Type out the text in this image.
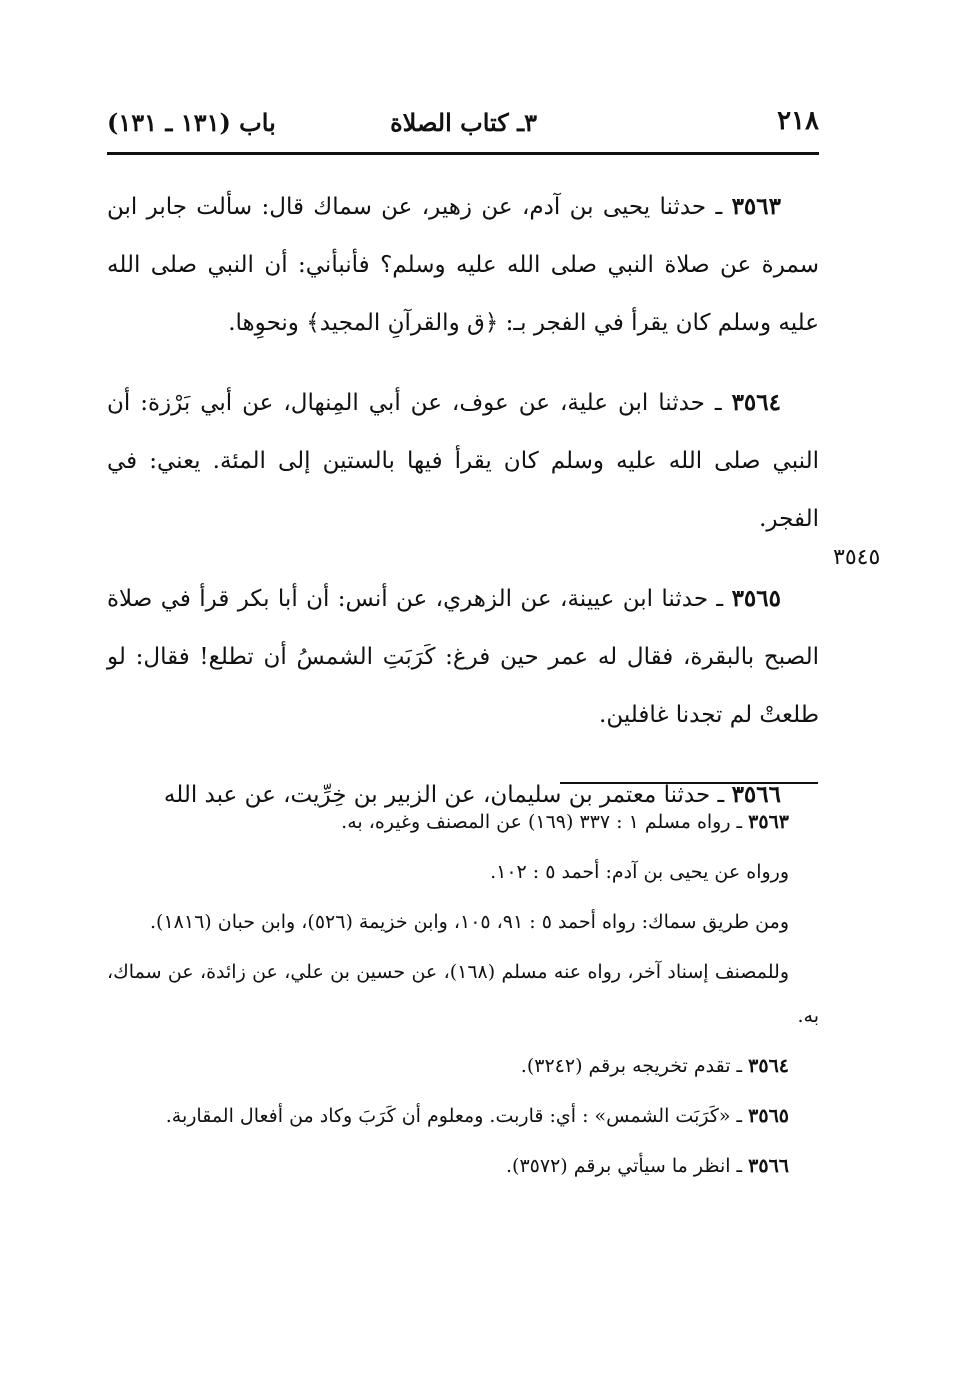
٢١٨
٣ـ كتاب الصلاة
باب (١٣١ ـ ١٣١)
٣٥٤٥

٣٥٦٣ ـ حدثنا يحيى بن آدم، عن زهير، عن سماك قال: سألت جابر ابن سمرة عن صلاة النبي صلى الله عليه وسلم؟ فأنبأني: أن النبي صلى الله عليه وسلم كان يقرأ في الفجر بـ: ﴿ق والقرآنِ المجيد﴾ ونحوِها.

٣٥٦٤ ـ حدثنا ابن علية، عن عوف، عن أبي المِنهال، عن أبي بَرْزة: أن النبي صلى الله عليه وسلم كان يقرأ فيها بالستين إلى المئة. يعني: في الفجر.

٣٥٦٥ ـ حدثنا ابن عيينة، عن الزهري، عن أنس: أن أبا بكر قرأ في صلاة الصبح بالبقرة، فقال له عمر حين فرغ: كَرَبَتِ الشمسُ أن تطلع! فقال: لو طلعتْ لم تجدنا غافلين.

٣٥٦٦ ـ حدثنا معتمر بن سليمان، عن الزبير بن خِرِّيت، عن عبد الله

٣٥٦٣ ـ رواه مسلم ١ : ٣٣٧ (١٦٩) عن المصنف وغيره، به.

ورواه عن يحيى بن آدم: أحمد ٥ : ١٠٢.

ومن طريق سماك: رواه أحمد ٥ : ٩١، ١٠٥، وابن خزيمة (٥٢٦)، وابن حبان (١٨١٦).

وللمصنف إسناد آخر، رواه عنه مسلم (١٦٨)، عن حسين بن علي، عن زائدة، عن سماك، به.

٣٥٦٤ ـ تقدم تخريجه برقم (٣٢٤٢).

٣٥٦٥ ـ «كَرَبَت الشمس» : أي: قاربت. ومعلوم أن كَرَبَ وكاد من أفعال المقاربة.

٣٥٦٦ ـ انظر ما سيأتي برقم (٣٥٧٢).
